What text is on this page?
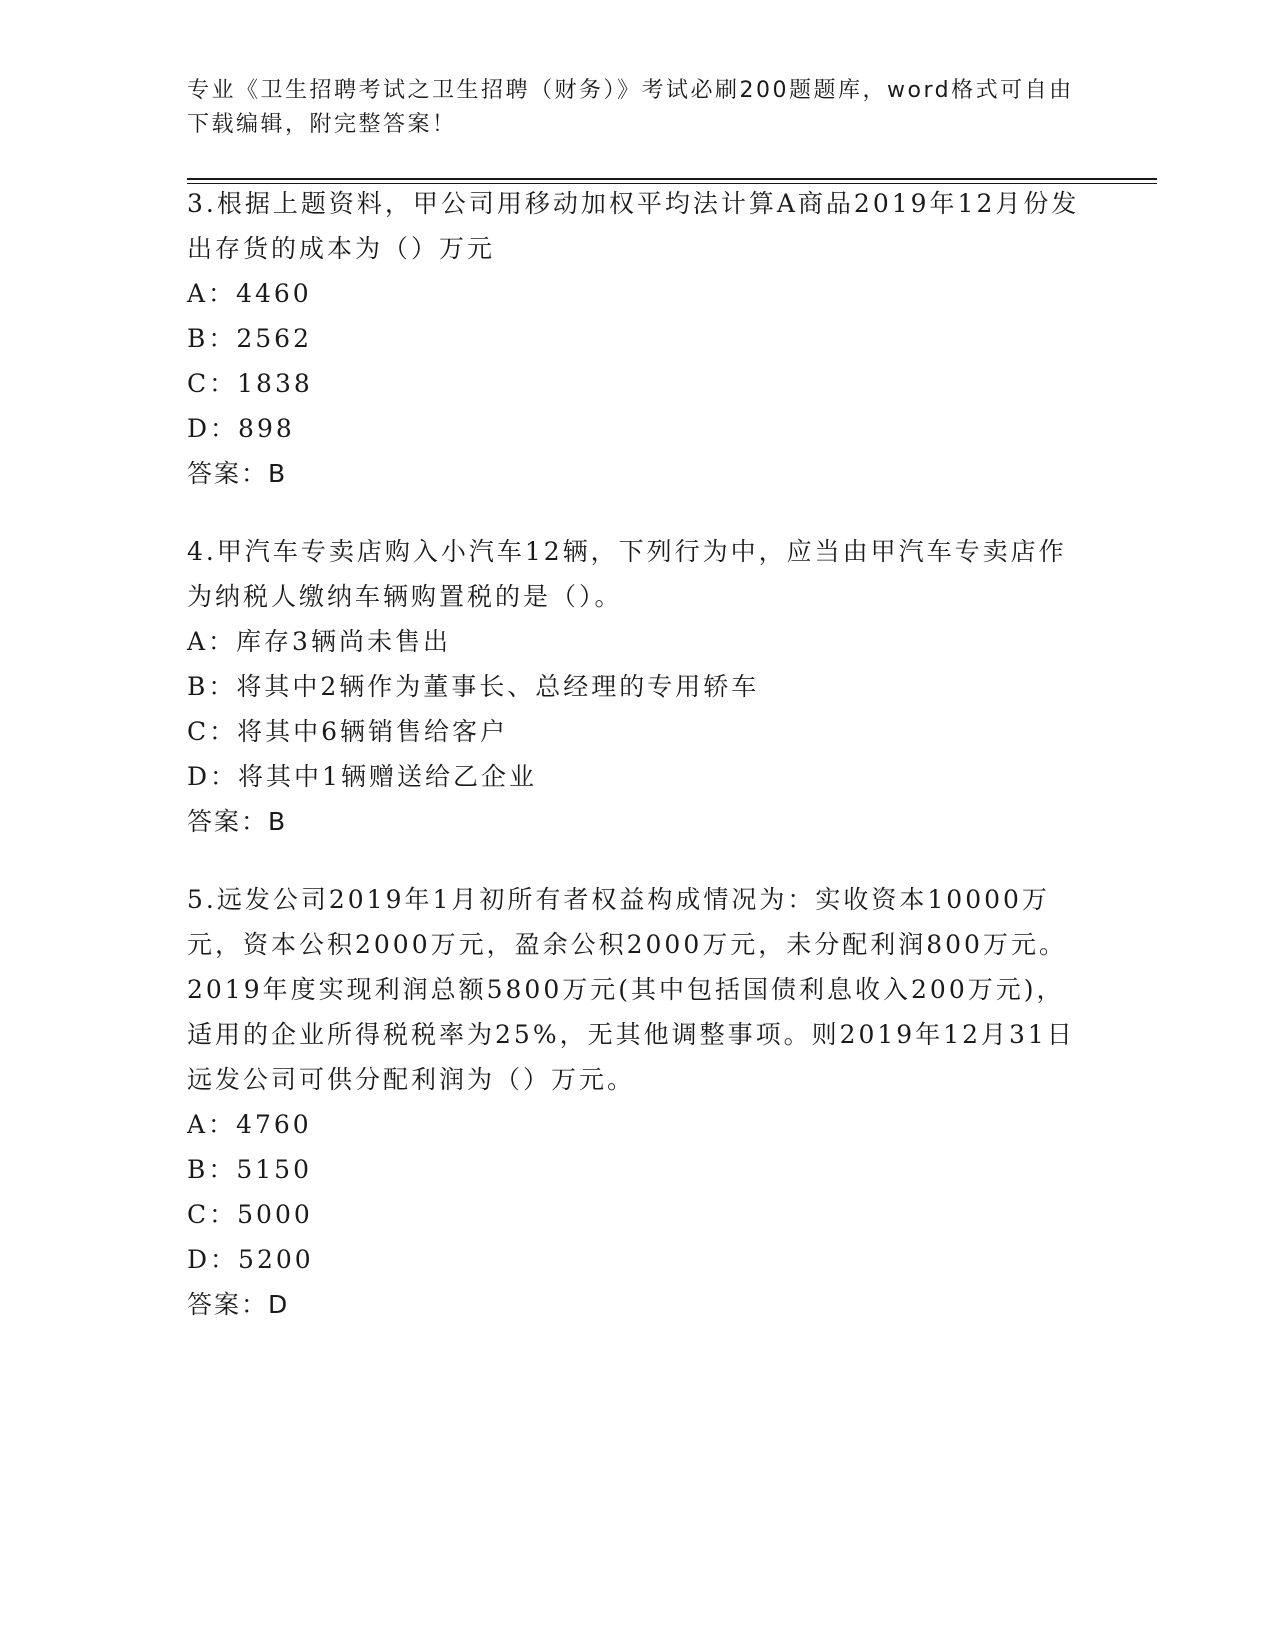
专业《卫生招聘考试之卫生招聘（财务）》考试必刷200题题库，word格式可自由下载编辑，附完整答案！

3.根据上题资料，甲公司用移动加权平均法计算A商品2019年12月份发出存货的成本为（）万元

A：4460

B：2562

C：1838

D：898

答案：B

4.甲汽车专卖店购入小汽车12辆，下列行为中，应当由甲汽车专卖店作为纳税人缴纳车辆购置税的是（）。

A：库存3辆尚未售出

B：将其中2辆作为董事长、总经理的专用轿车

C：将其中6辆销售给客户

D：将其中1辆赠送给乙企业

答案：B

5.远发公司2019年1月初所有者权益构成情况为：实收资本10000万元，资本公积2000万元，盈余公积2000万元，未分配利润800万元。2019年度实现利润总额5800万元(其中包括国债利息收入200万元)，适用的企业所得税税率为25%，无其他调整事项。则2019年12月31日远发公司可供分配利润为（）万元。

A：4760

B：5150

C：5000

D：5200

答案：D
